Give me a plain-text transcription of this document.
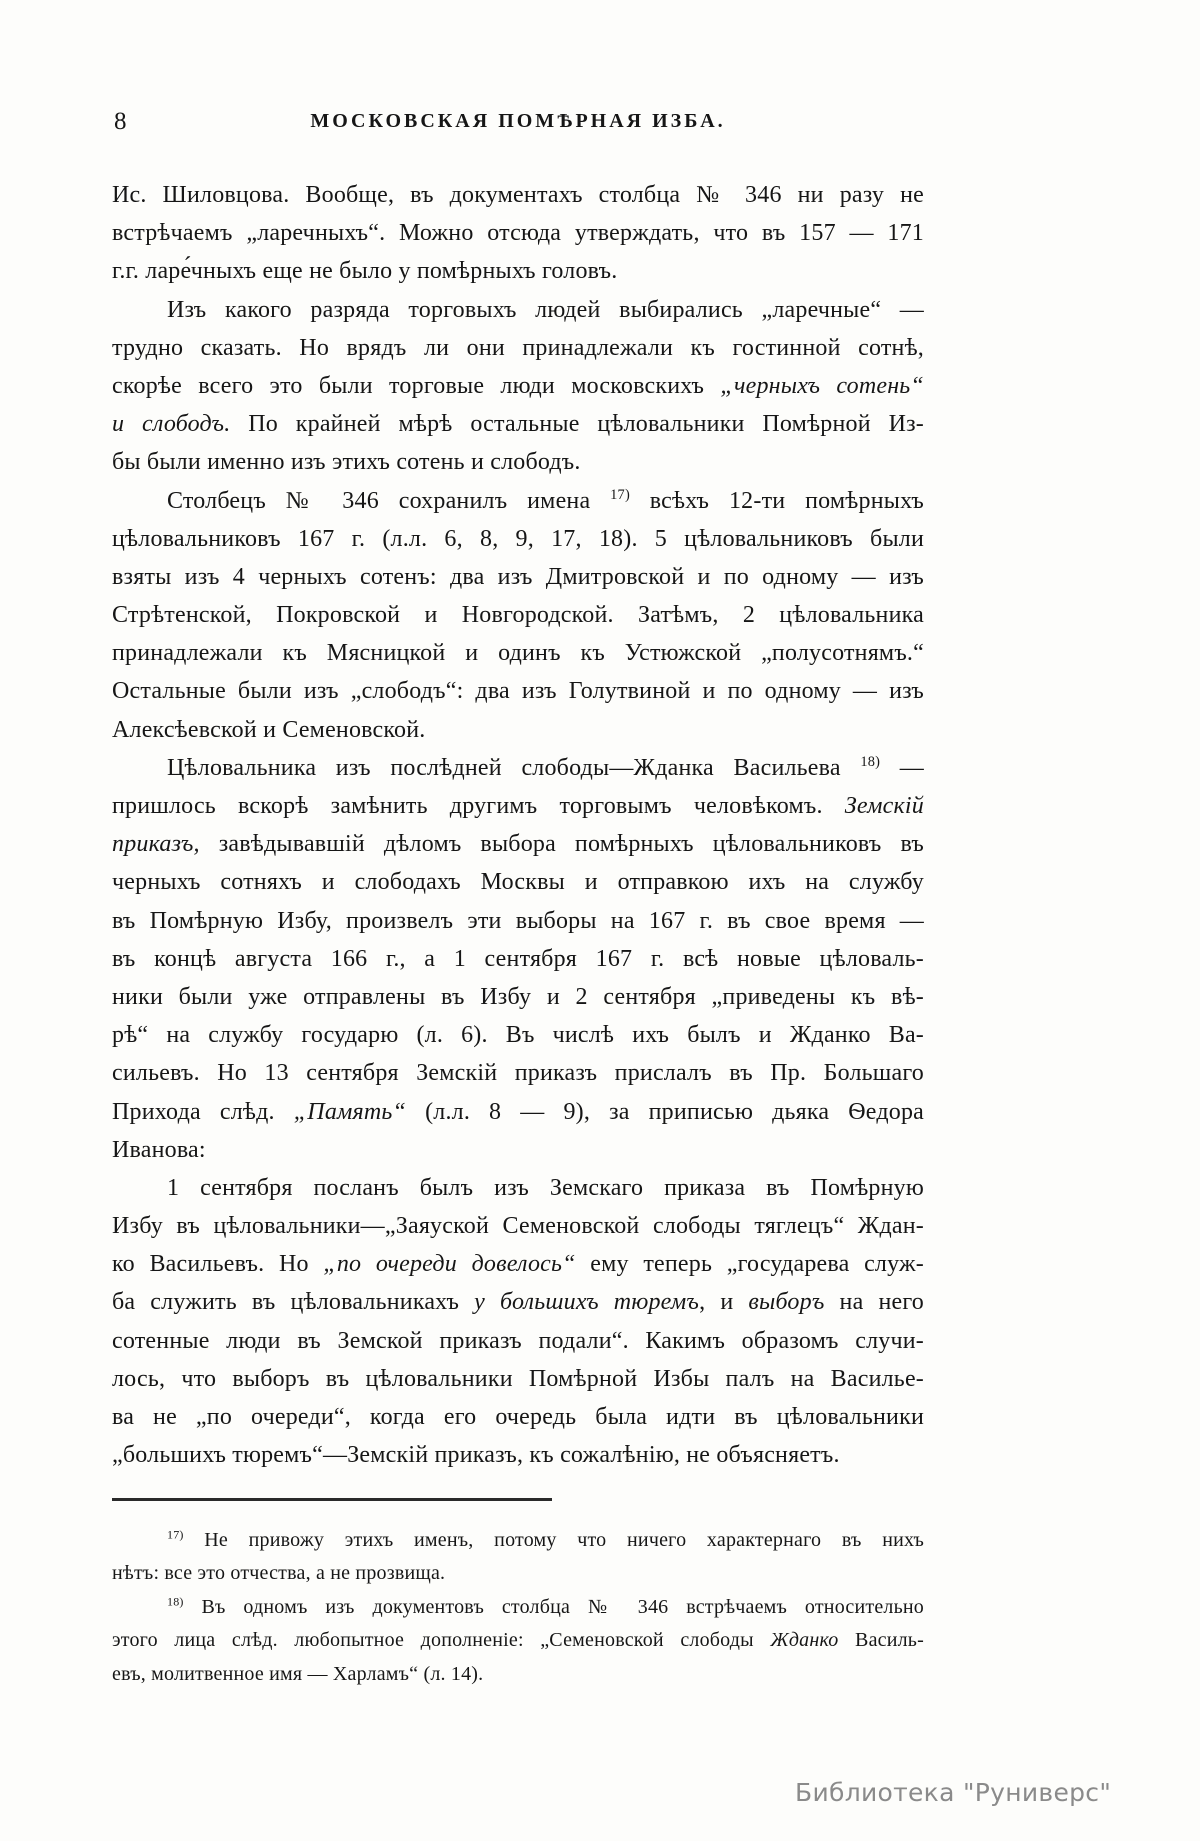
8	МОСКОВСКАЯ ПОМѢРНАЯ ИЗБА.
Ис. Шиловцова. Вообще, въ документахъ столбца № 346 ни разу не
встрѣчаемъ „ларечныхъ“. Можно отсюда утверждать, что въ 157 — 171
г.г. ларе́чныхъ еще не было у помѣрныхъ головъ.
Изъ какого разряда торговыхъ людей выбирались „ларечные“ —
трудно сказать. Но врядъ ли они принадлежали къ гостинной сотнѣ,
скорѣе всего это были торговые люди московскихъ „черныхъ сотень“
и слободъ. По крайней мѣрѣ остальные цѣловальники Помѣрной Из-
бы были именно изъ этихъ сотень и слободъ.
Столбецъ № 346 сохранилъ имена $^{17)}$ всѣхъ 12-ти помѣрныхъ
цѣловальниковъ 167 г. (л.л. 6, 8, 9, 17, 18). 5 цѣловальниковъ были
взяты изъ 4 черныхъ сотенъ: два изъ Дмитровской и по одному — изъ
Стрѣтенской, Покровской и Новгородской. Затѣмъ, 2 цѣловальника
принадлежали къ Мясницкой и одинъ къ Устюжской „полусотнямъ.“
Остальные были изъ „слободъ“: два изъ Голутвиной и по одному — изъ
Алексѣевской и Семеновской.
Цѣловальника изъ послѣдней слободы—Жданка Васильева $^{18)}$ —
пришлось вскорѣ замѣнить другимъ торговымъ человѣкомъ. Земскій
приказъ, завѣдывавшій дѣломъ выбора помѣрныхъ цѣловальниковъ въ
черныхъ сотняхъ и слободахъ Москвы и отправкою ихъ на службу
въ Помѣрную Избу, произвелъ эти выборы на 167 г. въ свое время —
въ концѣ августа 166 г., а 1 сентября 167 г. всѣ новые цѣловаль-
ники были уже отправлены въ Избу и 2 сентября „приведены къ вѣ-
рѣ“ на службу государю (л. 6). Въ числѣ ихъ былъ и Жданко Ва-
сильевъ. Но 13 сентября Земскій приказъ прислалъ въ Пр. Большаго
Прихода слѣд. „Память“ (л.л. 8 — 9), за приписью дьяка Ѳедора
Иванова:
1 сентября посланъ былъ изъ Земскаго приказа въ Помѣрную
Избу въ цѣловальники—„Заяуской Семеновской слободы тяглецъ“ Ждан-
ко Васильевъ. Но „по очереди довелось“ ему теперь „государева служ-
ба служить въ цѣловальникахъ у большихъ тюремъ, и выборъ на него
сотенные люди въ Земской приказъ подали“. Какимъ образомъ случи-
лось, что выборъ въ цѣловальники Помѣрной Избы палъ на Василье-
ва не „по очереди“, когда его очередь была идти въ цѣловальники
„большихъ тюремъ“—Земскій приказъ, къ сожалѣнію, не объясняетъ.
$^{17)}$ Не привожу этихъ именъ, потому что ничего характернаго въ нихъ
нѣтъ: все это отчества, а не прозвища.
$^{18)}$ Въ одномъ изъ документовъ столбца № 346 встрѣчаемъ относительно
этого лица слѣд. любопытное дополненіе: „Семеновской слободы Жданко Василь-
евъ, молитвенное имя — Харламъ“ (л. 14).
Библиотека "Руниверс"
